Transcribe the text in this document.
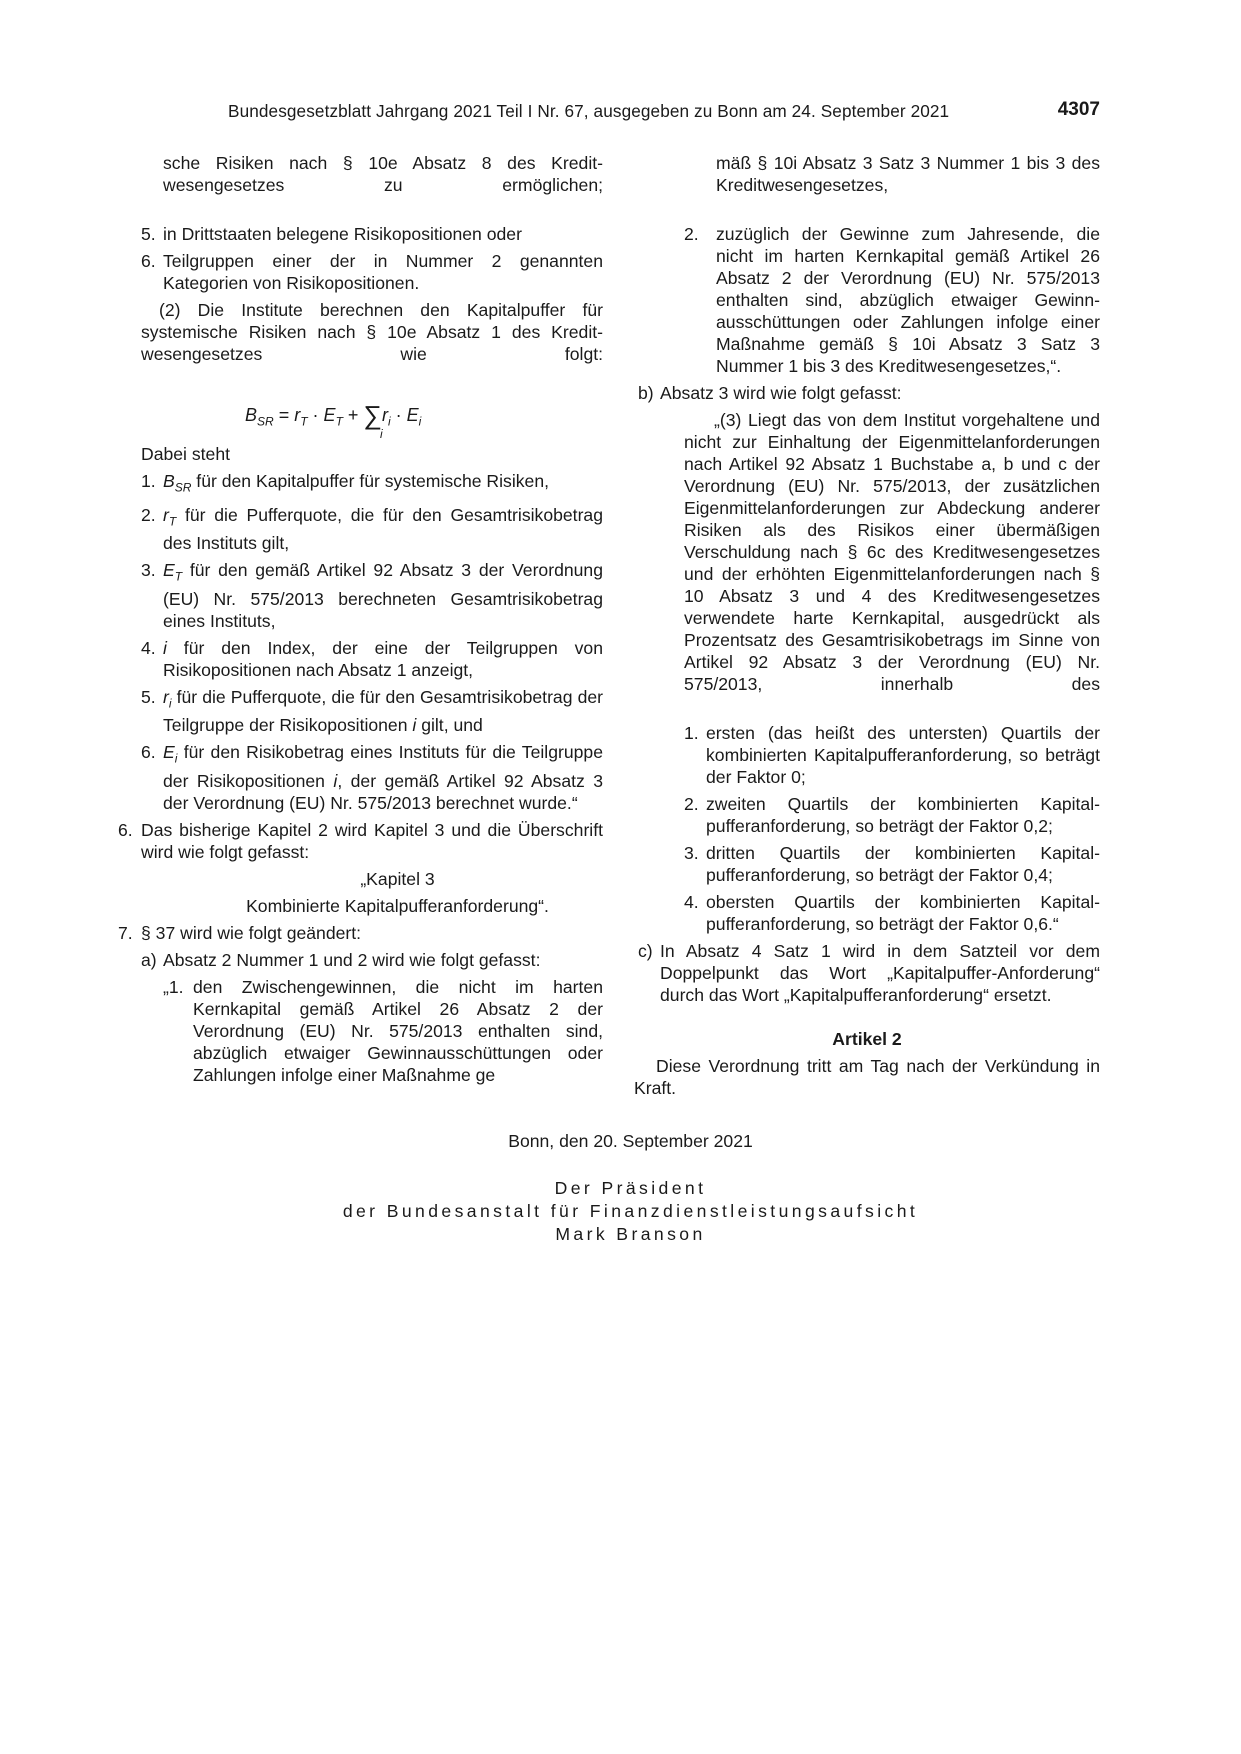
Bundesgesetzblatt Jahrgang 2021 Teil I Nr. 67, ausgegeben zu Bonn am 24. September 2021	4307
sche Risiken nach § 10e Absatz 8 des Kreditwesengesetzes zu ermöglichen;
5. in Drittstaaten belegene Risikopositionen oder
6. Teilgruppen einer der in Nummer 2 genannten Kategorien von Risikopositionen.
(2) Die Institute berechnen den Kapitalpuffer für systemische Risiken nach § 10e Absatz 1 des Kreditwesengesetzes wie folgt:
$B_{SR} = r_T \cdot E_T + \sum r_i \cdot E_i$
i
Dabei steht
1. $B_{SR}$ für den Kapitalpuffer für systemische Risiken,
2. $r_T$ für die Pufferquote, die für den Gesamtrisikobetrag des Instituts gilt,
3. $E_T$ für den gemäß Artikel 92 Absatz 3 der Verordnung (EU) Nr. 575/2013 berechneten Gesamtrisikobetrag eines Instituts,
4. i für den Index, der eine der Teilgruppen von Risikopositionen nach Absatz 1 anzeigt,
5. $r_i$ für die Pufferquote, die für den Gesamtrisikobetrag der Teilgruppe der Risikopositionen i gilt, und
6. $E_i$ für den Risikobetrag eines Instituts für die Teilgruppe der Risikopositionen i, der gemäß Artikel 92 Absatz 3 der Verordnung (EU) Nr. 575/2013 berechnet wurde.“
6. Das bisherige Kapitel 2 wird Kapitel 3 und die Überschrift wird wie folgt gefasst:
„Kapitel 3
Kombinierte Kapitalpufferanforderung“.
7. § 37 wird wie folgt geändert:
a) Absatz 2 Nummer 1 und 2 wird wie folgt gefasst:
„1. den Zwischengewinnen, die nicht im harten Kernkapital gemäß Artikel 26 Absatz 2 der Verordnung (EU) Nr. 575/2013 enthalten sind, abzüglich etwaiger Gewinnausschüttungen oder Zahlungen infolge einer Maßnahme ge
mäß § 10i Absatz 3 Satz 3 Nummer 1 bis 3 des Kreditwesengesetzes,
2. zuzüglich der Gewinne zum Jahresende, die nicht im harten Kernkapital gemäß Artikel 26 Absatz 2 der Verordnung (EU) Nr. 575/2013 enthalten sind, abzüglich etwaiger Gewinnausschüttungen oder Zahlungen infolge einer Maßnahme gemäß § 10i Absatz 3 Satz 3 Nummer 1 bis 3 des Kreditwesengesetzes,“.
b) Absatz 3 wird wie folgt gefasst:
„(3) Liegt das von dem Institut vorgehaltene und nicht zur Einhaltung der Eigenmittelanforderungen nach Artikel 92 Absatz 1 Buchstabe a, b und c der Verordnung (EU) Nr. 575/2013, der zusätzlichen Eigenmittelanforderungen zur Abdeckung anderer Risiken als des Risikos einer übermäßigen Verschuldung nach § 6c des Kreditwesengesetzes und der erhöhten Eigenmittelanforderungen nach § 10 Absatz 3 und 4 des Kreditwesengesetzes verwendete harte Kernkapital, ausgedrückt als Prozentsatz des Gesamtrisikobetrags im Sinne von Artikel 92 Absatz 3 der Verordnung (EU) Nr. 575/2013, innerhalb des
1. ersten (das heißt des untersten) Quartils der kombinierten Kapitalpufferanforderung, so beträgt der Faktor 0;
2. zweiten Quartils der kombinierten Kapitalpufferanforderung, so beträgt der Faktor 0,2;
3. dritten Quartils der kombinierten Kapitalpufferanforderung, so beträgt der Faktor 0,4;
4. obersten Quartils der kombinierten Kapitalpufferanforderung, so beträgt der Faktor 0,6.“
c) In Absatz 4 Satz 1 wird in dem Satzteil vor dem Doppelpunkt das Wort „Kapitalpuffer-Anforderung“ durch das Wort „Kapitalpufferanforderung“ ersetzt.
Artikel 2
Diese Verordnung tritt am Tag nach der Verkündung in Kraft.
Bonn, den 20. September 2021
Der Präsident
der Bundesanstalt für Finanzdienstleistungsaufsicht
Mark Branson
